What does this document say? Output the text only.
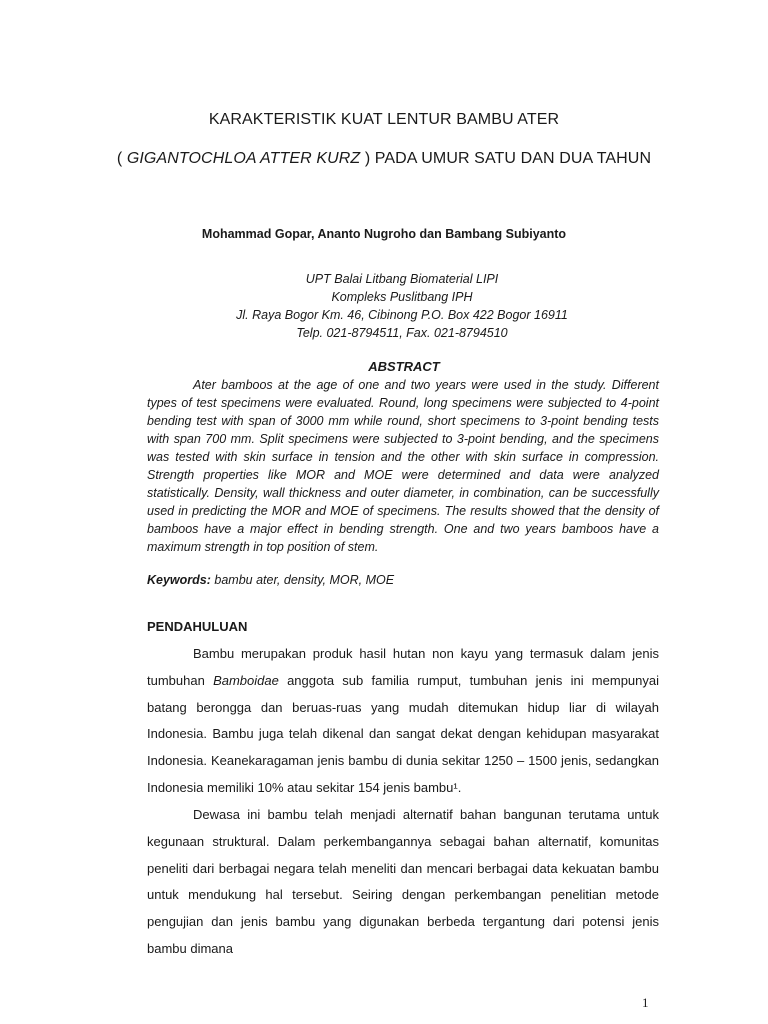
KARAKTERISTIK KUAT LENTUR BAMBU ATER
( GIGANTOCHLOA ATTER KURZ ) PADA UMUR SATU DAN DUA TAHUN
Mohammad Gopar, Ananto Nugroho dan Bambang Subiyanto
UPT Balai Litbang Biomaterial LIPI
Kompleks Puslitbang IPH
Jl. Raya Bogor Km. 46, Cibinong P.O. Box 422 Bogor 16911
Telp. 021-8794511, Fax. 021-8794510
ABSTRACT

Ater bamboos at the age of one and two years were used in the study. Different types of test specimens were evaluated. Round, long specimens were subjected to 4-point bending test with span of 3000 mm while round, short specimens to 3-point bending tests with span 700 mm. Split specimens were subjected to 3-point bending, and the specimens was tested with skin surface in tension and the other with skin surface in compression. Strength properties like MOR and MOE were determined and data were analyzed statistically. Density, wall thickness and outer diameter, in combination, can be successfully used in predicting the MOR and MOE of specimens. The results showed that the density of bamboos have a major effect in bending strength. One and two years bamboos have a maximum strength in top position of stem.

Keywords: bambu ater, density, MOR, MOE
PENDAHULUAN

Bambu merupakan produk hasil hutan non kayu yang termasuk dalam jenis tumbuhan Bamboidae anggota sub familia rumput, tumbuhan jenis ini mempunyai batang berongga dan beruas-ruas yang mudah ditemukan hidup liar di wilayah Indonesia. Bambu juga telah dikenal dan sangat dekat dengan kehidupan masyarakat Indonesia. Keanekaragaman jenis bambu di dunia sekitar 1250 – 1500 jenis, sedangkan Indonesia memiliki 10% atau sekitar 154 jenis bambu¹.

Dewasa ini bambu telah menjadi alternatif bahan bangunan terutama untuk kegunaan struktural. Dalam perkembangannya sebagai bahan alternatif, komunitas peneliti dari berbagai negara telah meneliti dan mencari berbagai data kekuatan bambu untuk mendukung hal tersebut. Seiring dengan perkembangan penelitian metode pengujian dan jenis bambu yang digunakan berbeda tergantung dari potensi jenis bambu dimana

1
